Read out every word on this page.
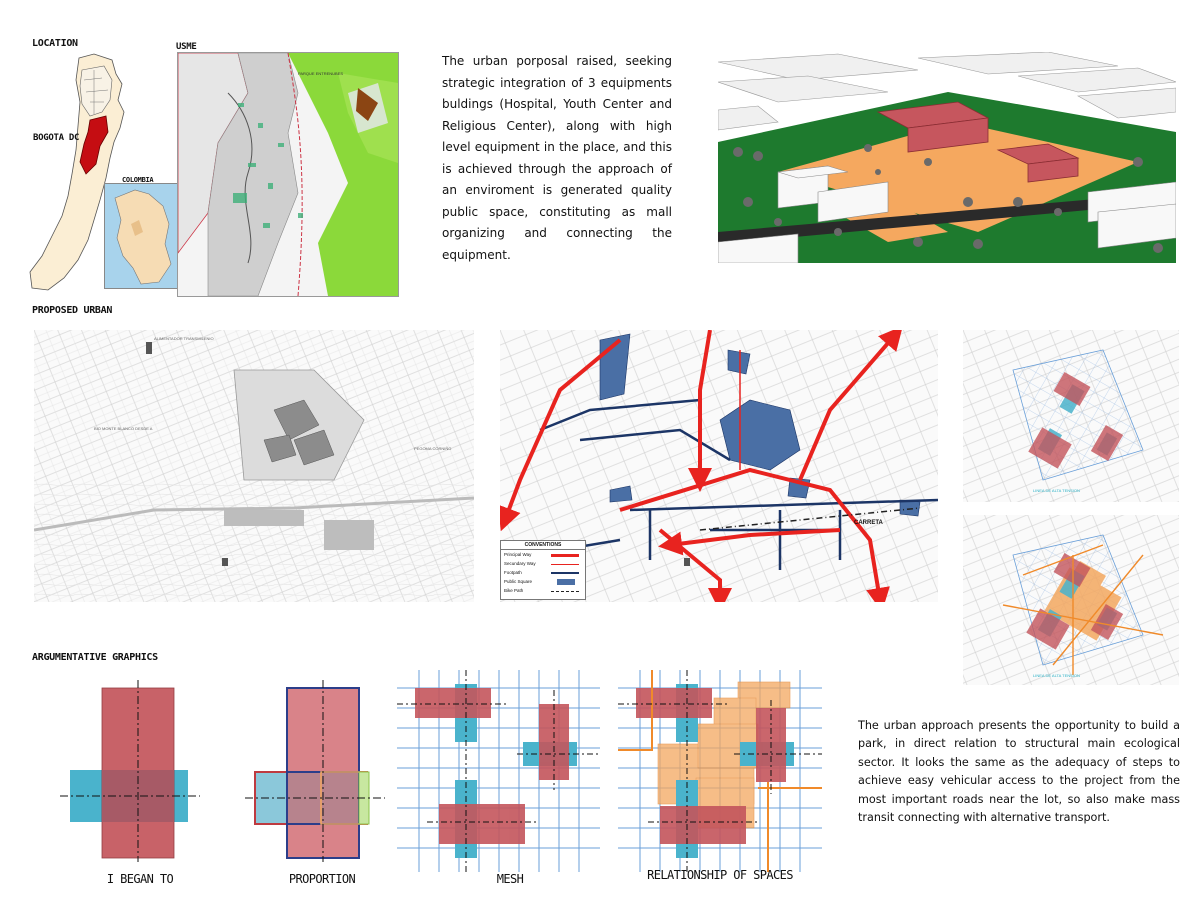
LOCATION
BOGOTA DC
COLOMBIA
USME
PARQUE ENTRENUBES
The urban porposal raised, seeking strategic integration of 3 equipments buldings (Hospital, Youth Center and Religious Center), along with high level equipment in the place, and this is achieved through the approach of an enviroment is generated quality public space, constituting as mall organizing and connecting the equipment.
PROPOSED URBAN
BIO MONTE BLANCO DESDE A
ALIMENTADOR TRANSMILENIO
PEGOMA CORNIÑO
CARRETA
CONVENTIONS
Principal Way
Secundary Way
Footpath
Public Square
Bike Path
LINEA DE ALTA TENSION
LINEA DE ALTA TENSION
ARGUMENTATIVE GRAPHICS
I BEGAN TO	PROPORTION	MESH	RELATIONSHIP OF SPACES
The urban approach presents the opportunity to build a park, in direct relation to structural main ecological sector. It looks the same as the adequacy of steps to achieve easy vehicular access to the project from the most important roads near the lot, so also make mass transit connecting with alternative transport.
